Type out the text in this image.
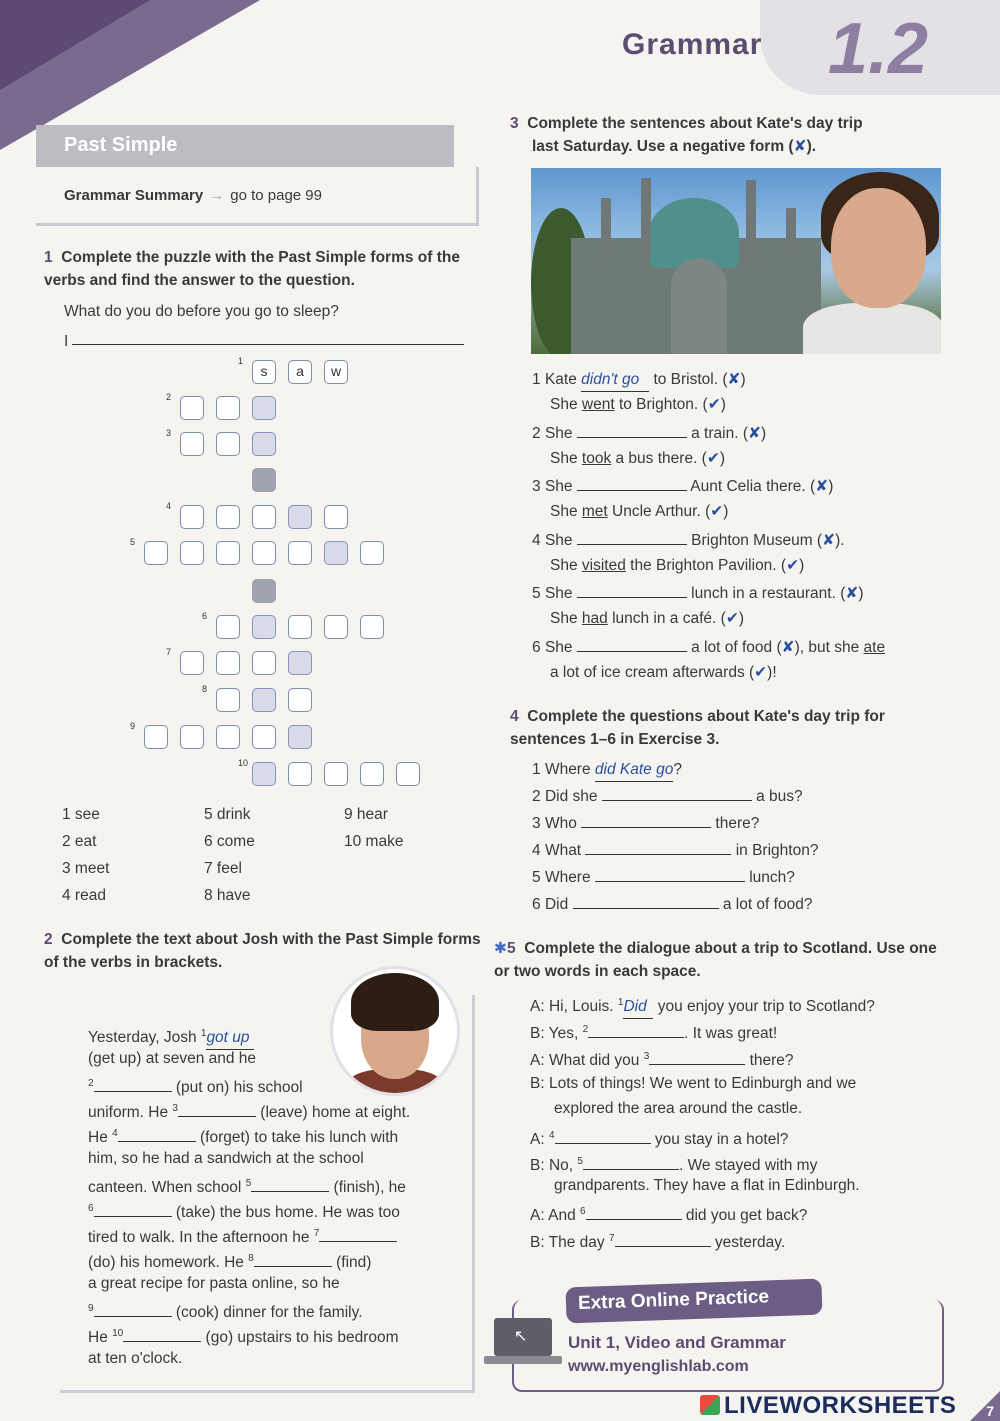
Grammar 1.2
Past Simple
Grammar Summary → go to page 99
1 Complete the puzzle with the Past Simple forms of the verbs and find the answer to the question.
What do you do before you go to sleep?
I
1
s	a	w
2
3
4
5
6
7
8
9
10
1 see	5 drink	9 hear
2 eat	6 come	10 make
3 meet	7 feel
4 read	8 have
2 Complete the text about Josh with the Past Simple forms of the verbs in brackets.
Yesterday, Josh $^1$got up
(get up) at seven and he
$^2$	(put on) his school
uniform. He $^3$	(leave) home at eight.
He $^4$	(forget) to take his lunch with
him, so he had a sandwich at the school
canteen. When school $^5$	(finish), he
$^6$	(take) the bus home. He was too
tired to walk. In the afternoon he $^7$
(do) his homework. He $^8$	(find)
a great recipe for pasta online, so he
$^9$	(cook) dinner for the family.
He $^{10}$	(go) upstairs to his bedroom
at ten o'clock.
3 Complete the sentences about Kate's day trip
last Saturday. Use a negative form (✘).
1 Kate didn't go to Bristol. (✘)
She went to Brighton. (✔)
2 She	a train. (✘)
She took a bus there. (✔)
3 She	Aunt Celia there. (✘)
She met Uncle Arthur. (✔)
4 She	Brighton Museum (✘).
She visited the Brighton Pavilion. (✔)
5 She	lunch in a restaurant. (✘)
She had lunch in a café. (✔)
6 She	a lot of food (✘), but she ate
a lot of ice cream afterwards (✔)!
4 Complete the questions about Kate's day trip for sentences 1–6 in Exercise 3.
1 Where did Kate go?
2 Did she	a bus?
3 Who	there?
4 What	in Brighton?
5 Where	lunch?
6 Did	a lot of food?
✱5 Complete the dialogue about a trip to Scotland. Use one or two words in each space.
A: Hi, Louis. $^1$Did you enjoy your trip to Scotland?
B: Yes, $^2$	. It was great!
A: What did you $^3$	there?
B: Lots of things! We went to Edinburgh and we
explored the area around the castle.
A: $^4$	you stay in a hotel?
B: No, $^5$	. We stayed with my
grandparents. They have a flat in Edinburgh.
A: And $^6$	did you get back?
B: The day $^7$	yesterday.
Extra Online Practice
↖ Unit 1, Video and Grammar
www.myenglishlab.com
LIVEWORKSHEETS 7
